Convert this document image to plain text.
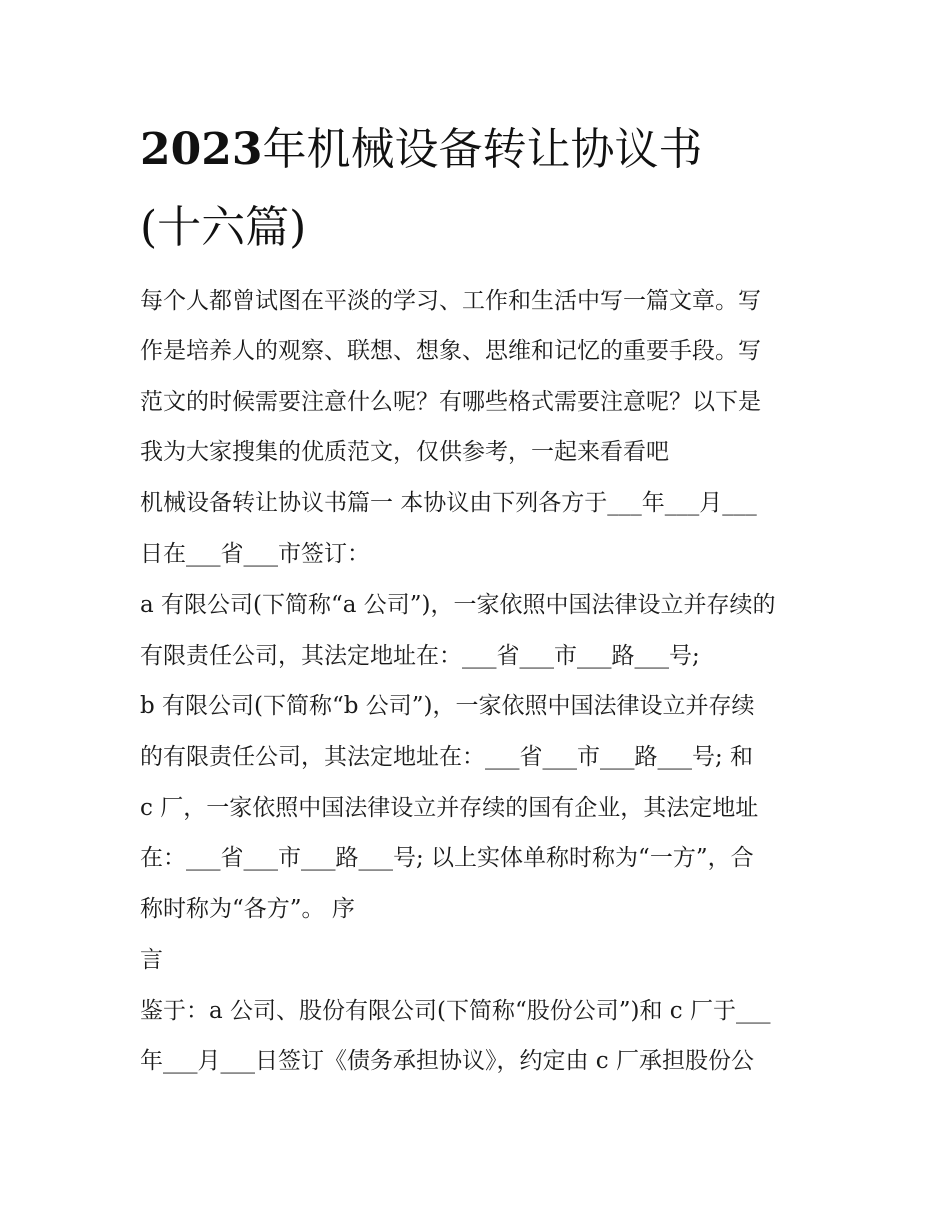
2023年机械设备转让协议书
(十六篇)

每个人都曾试图在平淡的学习、工作和生活中写一篇文章。写

作是培养人的观察、联想、想象、思维和记忆的重要手段。写

范文的时候需要注意什么呢？有哪些格式需要注意呢？以下是

我为大家搜集的优质范文，仅供参考，一起来看看吧

机械设备转让协议书篇一 本协议由下列各方于___年___月___

日在___省___市签订：

a 有限公司(下简称“a 公司”)，一家依照中国法律设立并存续的

有限责任公司，其法定地址在：___省___市___路___号;

b 有限公司(下简称“b 公司”)，一家依照中国法律设立并存续

的有限责任公司，其法定地址在：___省___市___路___号; 和

c 厂，一家依照中国法律设立并存续的国有企业，其法定地址

在：___省___市___路___号; 以上实体单称时称为“一方”，合

称时称为“各方”。 序

言

鉴于：a 公司、股份有限公司(下简称“股份公司”)和 c 厂于___

年___月___日签订《债务承担协议》，约定由 c 厂承担股份公
